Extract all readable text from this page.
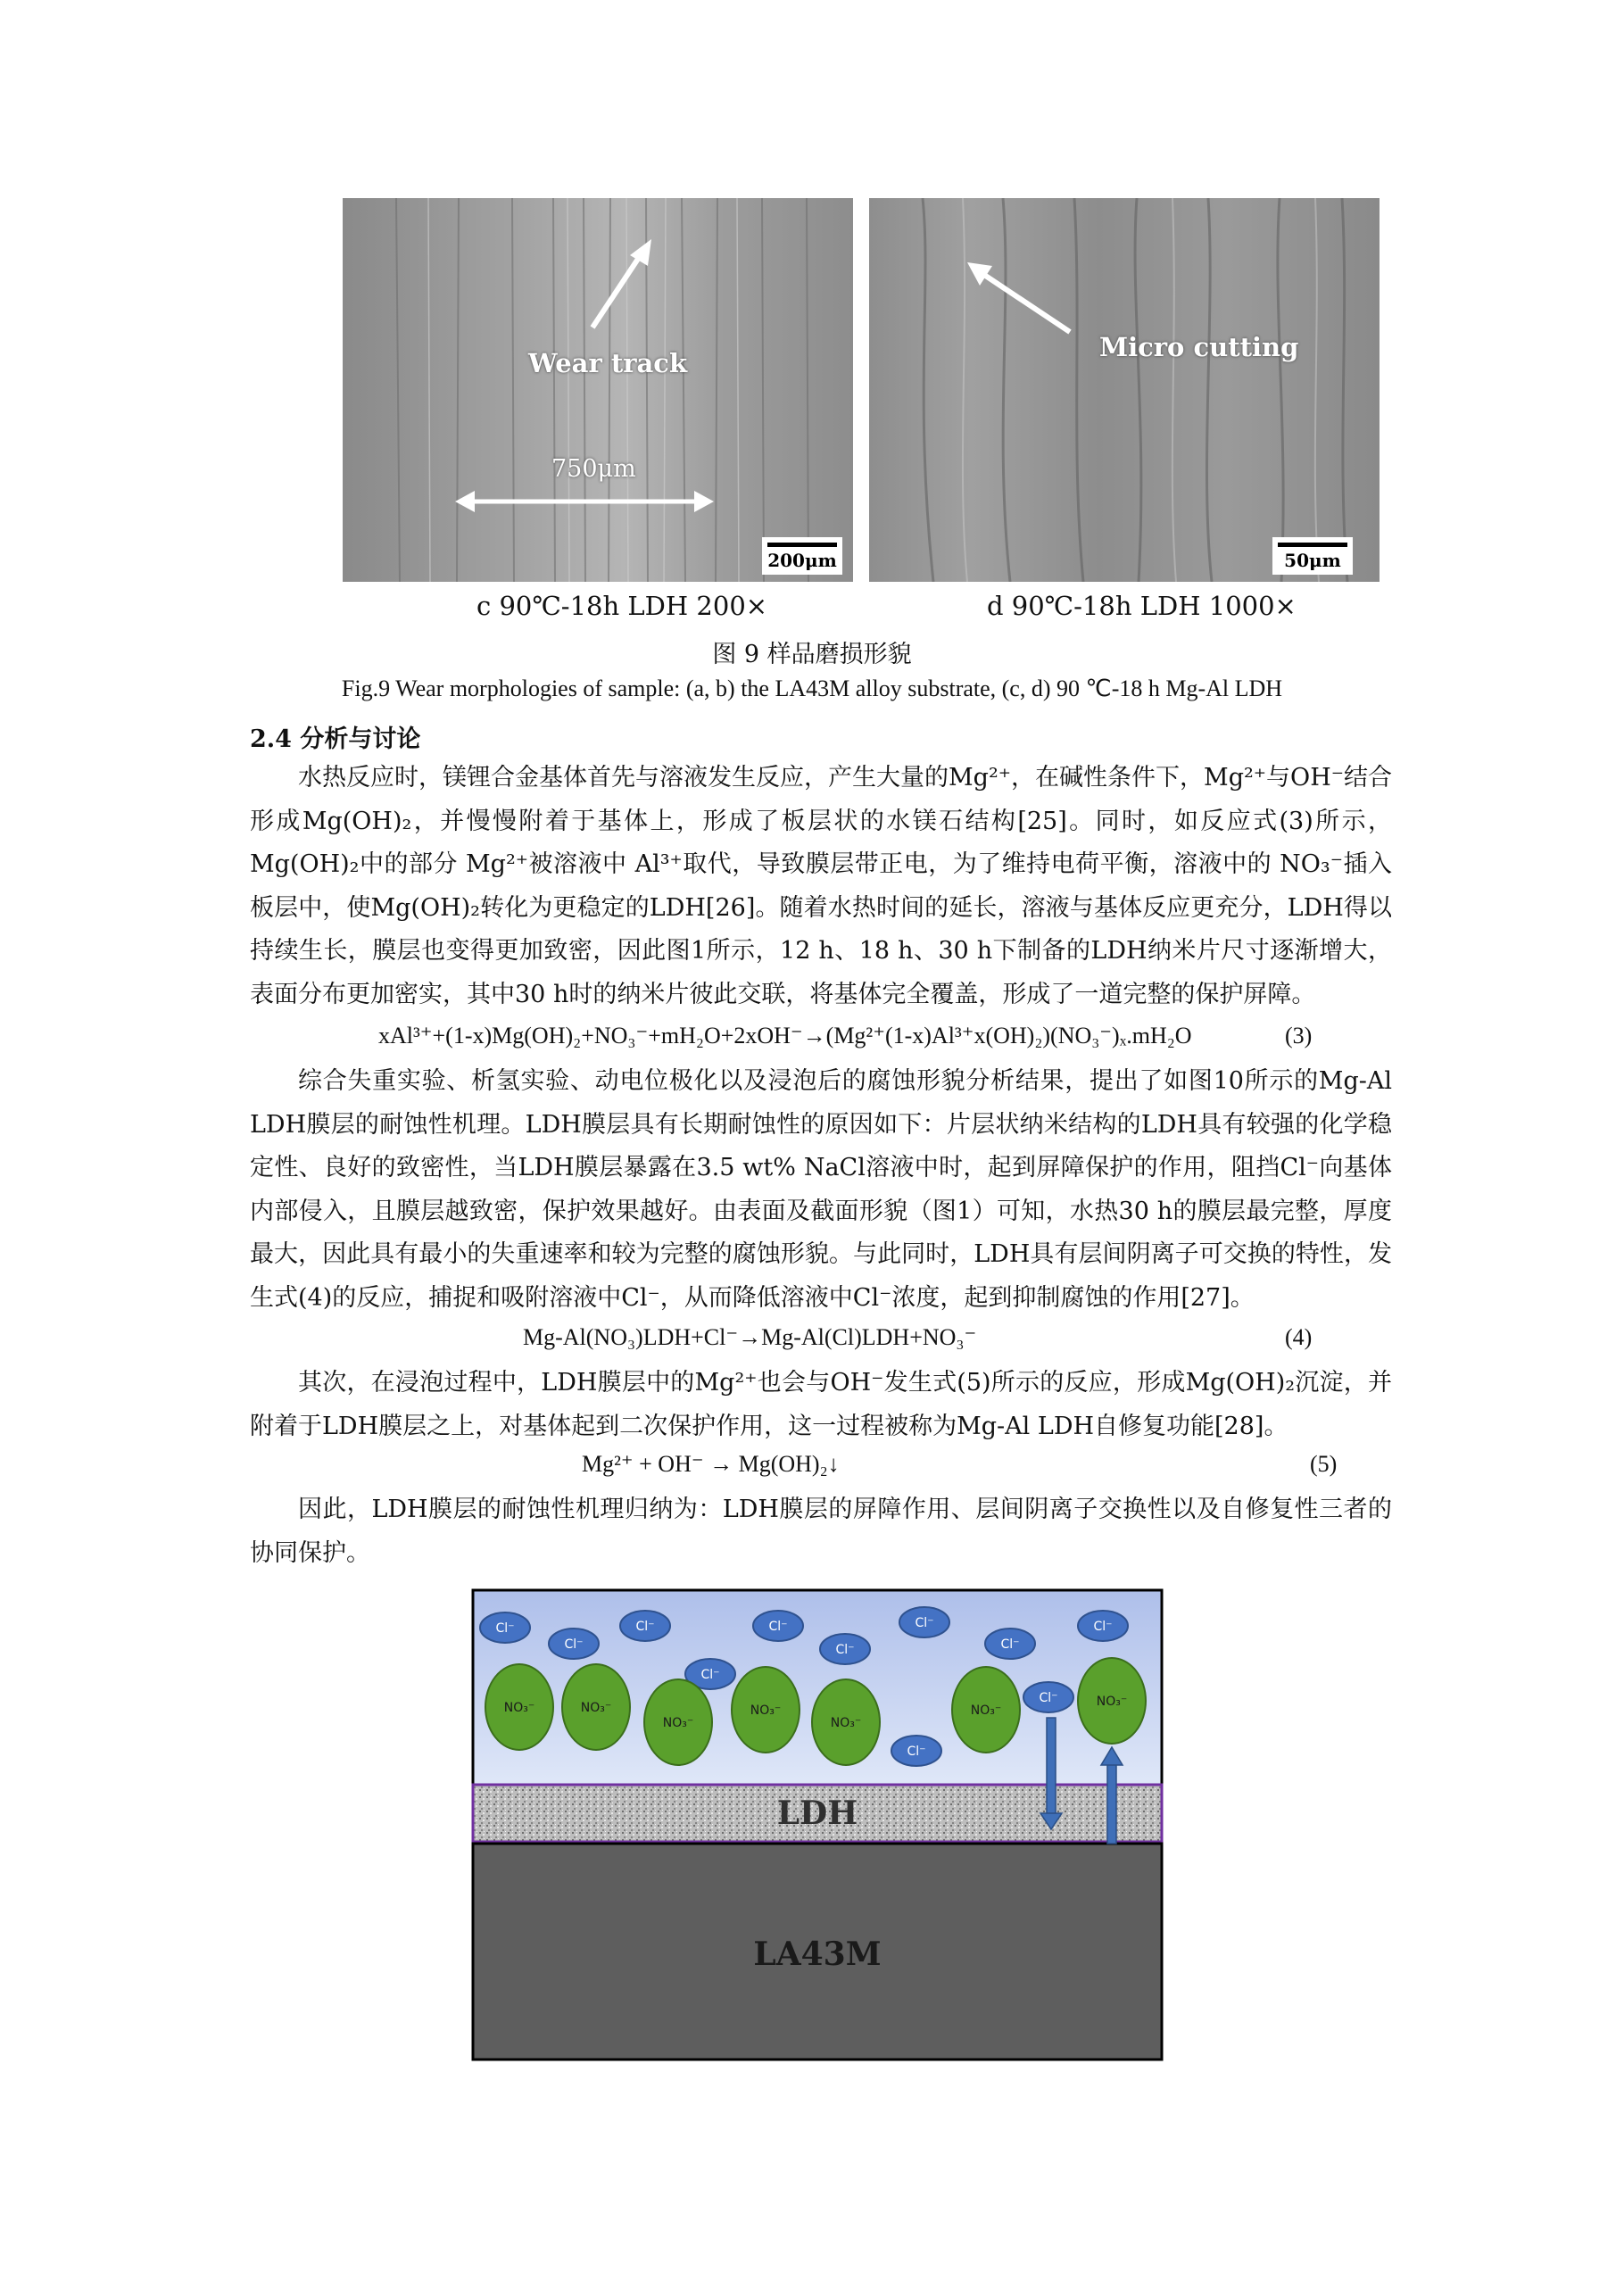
Wear track
750μm
200μm
Micro cutting
50μm
c 90℃-18h LDH 200×	d 90℃-18h LDH 1000×
图 9 样品磨损形貌
Fig.9 Wear morphologies of sample: (a, b) the LA43M alloy substrate, (c, d) 90 ℃-18 h Mg-Al LDH
2.4 分析与讨论

水热反应时，镁锂合金基体首先与溶液发生反应，产生大量的Mg²⁺，在碱性条件下，Mg²⁺与OH⁻结合形成Mg(OH)₂，并慢慢附着于基体上，形成了板层状的水镁石结构[25]。同时，如反应式(3)所示，Mg(OH)₂中的部分 Mg²⁺被溶液中 Al³⁺取代，导致膜层带正电，为了维持电荷平衡，溶液中的 NO₃⁻插入板层中，使Mg(OH)₂转化为更稳定的LDH[26]。随着水热时间的延长，溶液与基体反应更充分，LDH得以持续生长，膜层也变得更加致密，因此图1所示，12 h、18 h、30 h下制备的LDH纳米片尺寸逐渐增大，表面分布更加密实，其中30 h时的纳米片彼此交联，将基体完全覆盖，形成了一道完整的保护屏障。

xAl³⁺+(1-x)Mg(OH)₂+NO₃⁻+mH₂O+2xOH⁻→(Mg²⁺(1-x)Al³⁺x(OH)₂)(NO₃⁻)ₓ.mH₂O	(3)

综合失重实验、析氢实验、动电位极化以及浸泡后的腐蚀形貌分析结果，提出了如图10所示的Mg-Al LDH膜层的耐蚀性机理。LDH膜层具有长期耐蚀性的原因如下：片层状纳米结构的LDH具有较强的化学稳定性、良好的致密性，当LDH膜层暴露在3.5 wt% NaCl溶液中时，起到屏障保护的作用，阻挡Cl⁻向基体内部侵入，且膜层越致密，保护效果越好。由表面及截面形貌（图1）可知，水热30 h的膜层最完整，厚度最大，因此具有最小的失重速率和较为完整的腐蚀形貌。与此同时，LDH具有层间阴离子可交换的特性，发生式(4)的反应，捕捉和吸附溶液中Cl⁻，从而降低溶液中Cl⁻浓度，起到抑制腐蚀的作用[27]。

Mg-Al(NO₃)LDH+Cl⁻→Mg-Al(Cl)LDH+NO₃⁻	(4)

其次，在浸泡过程中，LDH膜层中的Mg²⁺也会与OH⁻发生式(5)所示的反应，形成Mg(OH)₂沉淀，并附着于LDH膜层之上，对基体起到二次保护作用，这一过程被称为Mg-Al LDH自修复功能[28]。

Mg²⁺ + OH⁻ → Mg(OH)₂↓	(5)

因此，LDH膜层的耐蚀性机理归纳为：LDH膜层的屏障作用、层间阴离子交换性以及自修复性三者的协同保护。

Cl⁻
Cl⁻
Cl⁻
Cl⁻
Cl⁻
Cl⁻
Cl⁻
Cl⁻
Cl⁻
Cl⁻
Cl⁻
NO₃⁻	NO₃⁻
NO₃⁻
NO₃⁻
NO₃⁻
NO₃⁻
NO₃⁻
LDH
LA43M
